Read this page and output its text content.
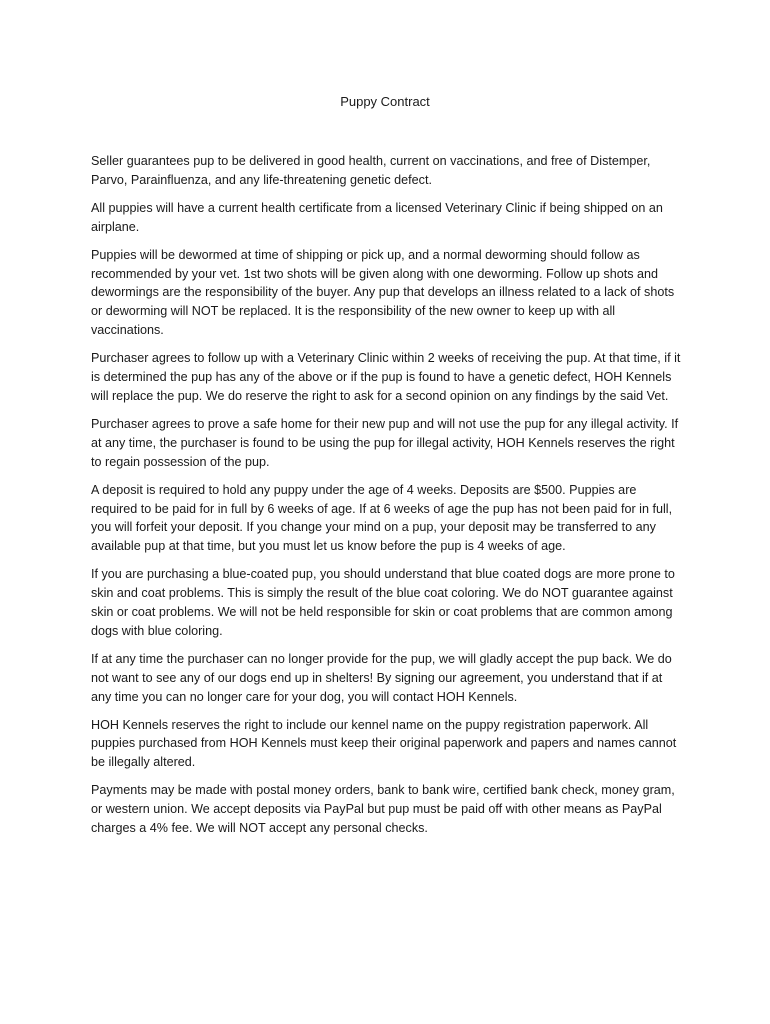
Puppy Contract

Seller guarantees pup to be delivered in good health, current on vaccinations, and free of Distemper, Parvo, Parainfluenza, and any life-threatening genetic defect.

All puppies will have a current health certificate from a licensed Veterinary Clinic if being shipped on an airplane.

Puppies will be dewormed at time of shipping or pick up, and a normal deworming should follow as recommended by your vet. 1st two shots will be given along with one deworming. Follow up shots and dewormings are the responsibility of the buyer. Any pup that develops an illness related to a lack of shots or deworming will NOT be replaced. It is the responsibility of the new owner to keep up with all vaccinations.

Purchaser agrees to follow up with a Veterinary Clinic within 2 weeks of receiving the pup. At that time, if it is determined the pup has any of the above or if the pup is found to have a genetic defect, HOH Kennels will replace the pup. We do reserve the right to ask for a second opinion on any findings by the said Vet.

Purchaser agrees to prove a safe home for their new pup and will not use the pup for any illegal activity. If at any time, the purchaser is found to be using the pup for illegal activity, HOH Kennels reserves the right to regain possession of the pup.

A deposit is required to hold any puppy under the age of 4 weeks. Deposits are $500. Puppies are required to be paid for in full by 6 weeks of age. If at 6 weeks of age the pup has not been paid for in full, you will forfeit your deposit. If you change your mind on a pup, your deposit may be transferred to any available pup at that time, but you must let us know before the pup is 4 weeks of age.

If you are purchasing a blue-coated pup, you should understand that blue coated dogs are more prone to skin and coat problems. This is simply the result of the blue coat coloring. We do NOT guarantee against skin or coat problems. We will not be held responsible for skin or coat problems that are common among dogs with blue coloring.

If at any time the purchaser can no longer provide for the pup, we will gladly accept the pup back. We do not want to see any of our dogs end up in shelters! By signing our agreement, you understand that if at any time you can no longer care for your dog, you will contact HOH Kennels.

HOH Kennels reserves the right to include our kennel name on the puppy registration paperwork. All puppies purchased from HOH Kennels must keep their original paperwork and papers and names cannot be illegally altered.

Payments may be made with postal money orders, bank to bank wire, certified bank check, money gram, or western union. We accept deposits via PayPal but pup must be paid off with other means as PayPal charges a 4% fee. We will NOT accept any personal checks.
